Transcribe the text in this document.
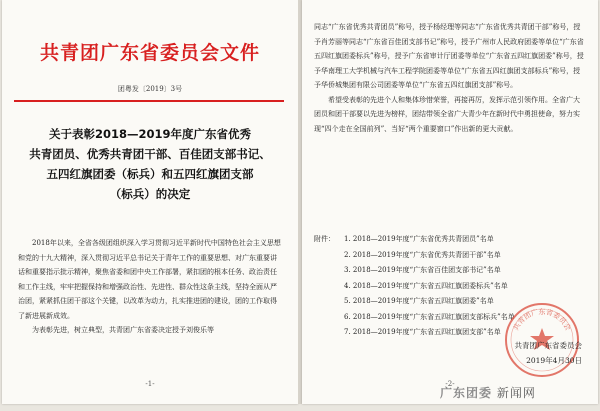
共青团广东省委员会文件
团粤发〔2019〕3号
关于表彰2018—2019年度广东省优秀
共青团员、优秀共青团干部、百佳团支部书记、
五四红旗团委（标兵）和五四红旗团支部
（标兵）的决定

2018年以来，全省各级团组织深入学习贯彻习近平新时代中国特色社会主义思想和党的十九大精神，深入贯彻习近平总书记关于青年工作的重要思想、对广东重要讲话和重要指示批示精神，聚焦省委和团中央工作部署，紧扣团的根本任务、政治责任和工作主线，牢牢把握保持和增强政治性、先进性、群众性这条主线，坚持全面从严治团，紧紧抓住团干部这个关键，以改革为动力，扎实推进团的建设，团的工作取得了新进展新成效。

为表彰先进，树立典型，共青团广东省委决定授予刘俊乐等

-1-

同志“广东省优秀共青团员”称号，授予杨经理等同志“广东省优秀共青团干部”称号，授予肖芳丽等同志“广东省百佳团支部书记”称号，授予广州市人民政府团委等单位“广东省五四红旗团委标兵”称号，授予广东省审计厅团委等单位“广东省五四红旗团委”称号，授予华南理工大学机械与汽车工程学院团委等单位“广东省五四红旗团支部标兵”称号，授予华侨城集团有限公司团委等单位“广东省五四红旗团支部”称号。

希望受表彰的先进个人和集体珍惜荣誉，再接再厉，发挥示范引领作用。全省广大团员和团干部要以先进为榜样，团结带领全省广大青少年在新时代中勇担使命，努力实现“四个走在全国前列”、当好“两个重要窗口”作出新的更大贡献。

附件： 1. 2018—2019年度“广东省优秀共青团员”名单
2. 2018—2019年度“广东省优秀共青团干部”名单
3. 2018—2019年度“广东省百佳团支部书记”名单
4. 2018—2019年度“广东省五四红旗团委标兵”名单
5. 2018—2019年度“广东省五四红旗团委”名单
6. 2018—2019年度“广东省五四红旗团支部标兵”名单
7. 2018—2019年度“广东省五四红旗团支部”名单
共青团广东省委员会
共青团广东省委员会
2019年4月30日
-2-
广东团委 新闻网
